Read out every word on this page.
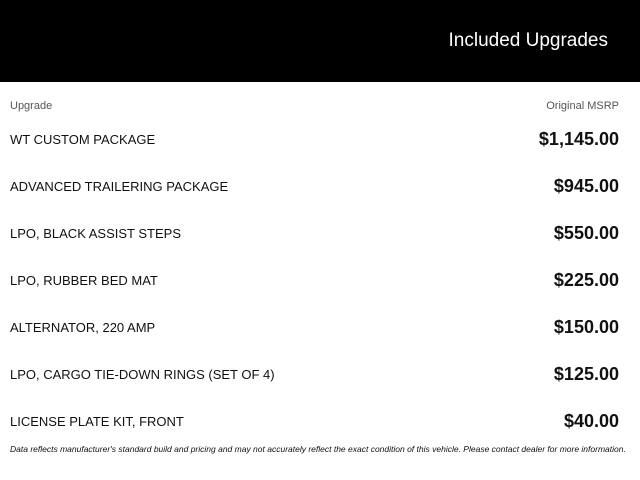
Included Upgrades
Upgrade	Original MSRP
WT CUSTOM PACKAGE	$1,145.00
ADVANCED TRAILERING PACKAGE	$945.00
LPO, BLACK ASSIST STEPS	$550.00
LPO, RUBBER BED MAT	$225.00
ALTERNATOR, 220 AMP	$150.00
LPO, CARGO TIE-DOWN RINGS (SET OF 4)	$125.00
LICENSE PLATE KIT, FRONT	$40.00
Data reflects manufacturer's standard build and pricing and may not accurately reflect the exact condition of this vehicle. Please contact dealer for more information.
